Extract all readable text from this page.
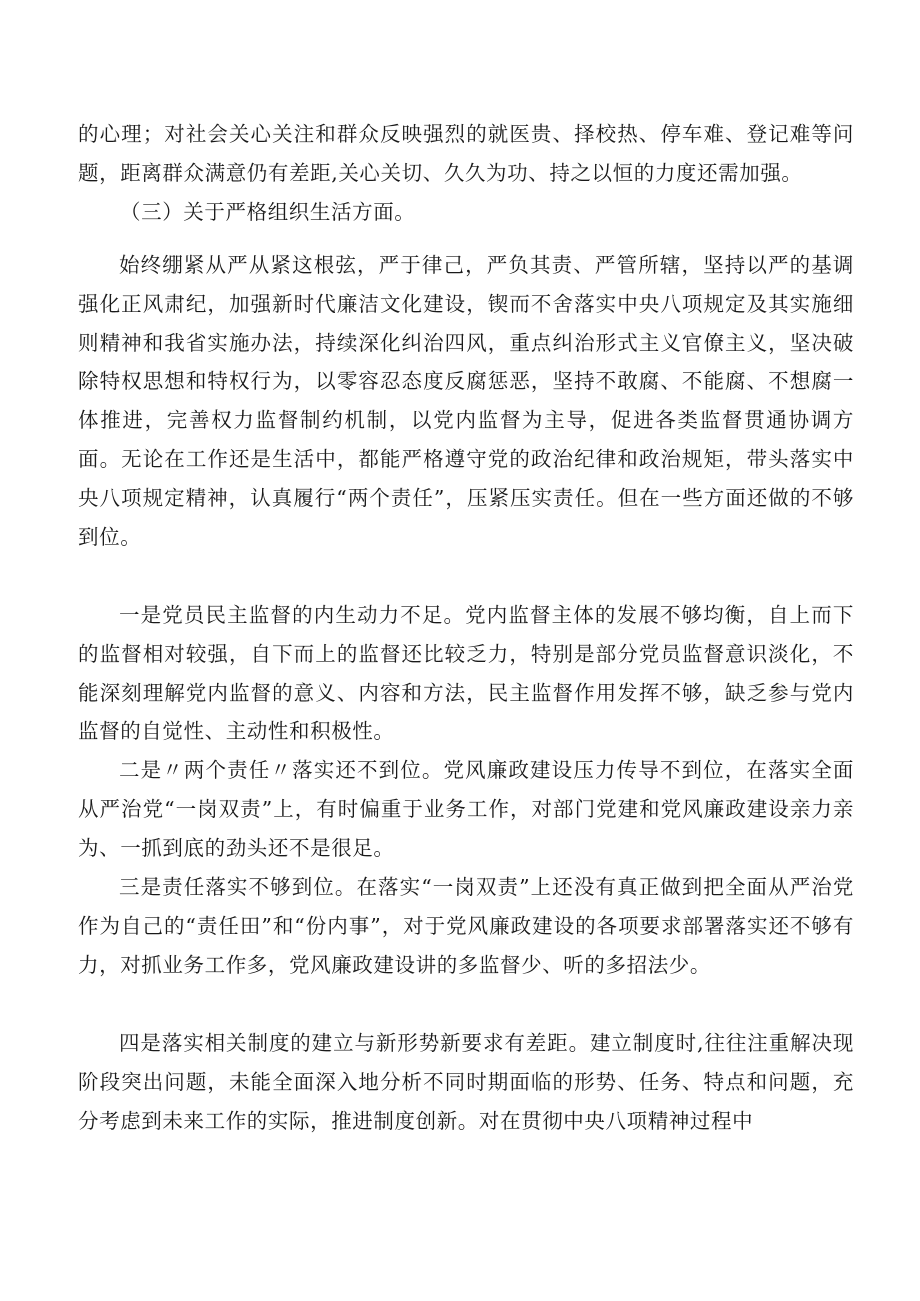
的心理；对社会关心关注和群众反映强烈的就医贵、择校热、停车难、登记难等问题，距离群众满意仍有差距,关心关切、久久为功、持之以恒的力度还需加强。

（三）关于严格组织生活方面。

始终绷紧从严从紧这根弦，严于律己，严负其责、严管所辖，坚持以严的基调强化正风肃纪，加强新时代廉洁文化建设，锲而不舍落实中央八项规定及其实施细则精神和我省实施办法，持续深化纠治四风，重点纠治形式主义官僚主义，坚决破除特权思想和特权行为，以零容忍态度反腐惩恶，坚持不敢腐、不能腐、不想腐一体推进，完善权力监督制约机制，以党内监督为主导，促进各类监督贯通协调方面。无论在工作还是生活中，都能严格遵守党的政治纪律和政治规矩，带头落实中央八项规定精神，认真履行“两个责任”，压紧压实责任。但在一些方面还做的不够到位。

一是党员民主监督的内生动力不足。党内监督主体的发展不够均衡，自上而下的监督相对较强，自下而上的监督还比较乏力，特别是部分党员监督意识淡化，不能深刻理解党内监督的意义、内容和方法，民主监督作用发挥不够，缺乏参与党内监督的自觉性、主动性和积极性。

二是〃两个责任〃落实还不到位。党风廉政建设压力传导不到位，在落实全面从严治党“一岗双责”上，有时偏重于业务工作，对部门党建和党风廉政建设亲力亲为、一抓到底的劲头还不是很足。

三是责任落实不够到位。在落实“一岗双责”上还没有真正做到把全面从严治党作为自己的“责任田”和“份内事”，对于党风廉政建设的各项要求部署落实还不够有力，对抓业务工作多，党风廉政建设讲的多监督少、听的多招法少。

四是落实相关制度的建立与新形势新要求有差距。建立制度时,往往注重解决现阶段突出问题，未能全面深入地分析不同时期面临的形势、任务、特点和问题，充分考虑到未来工作的实际，推进制度创新。对在贯彻中央八项精神过程中
